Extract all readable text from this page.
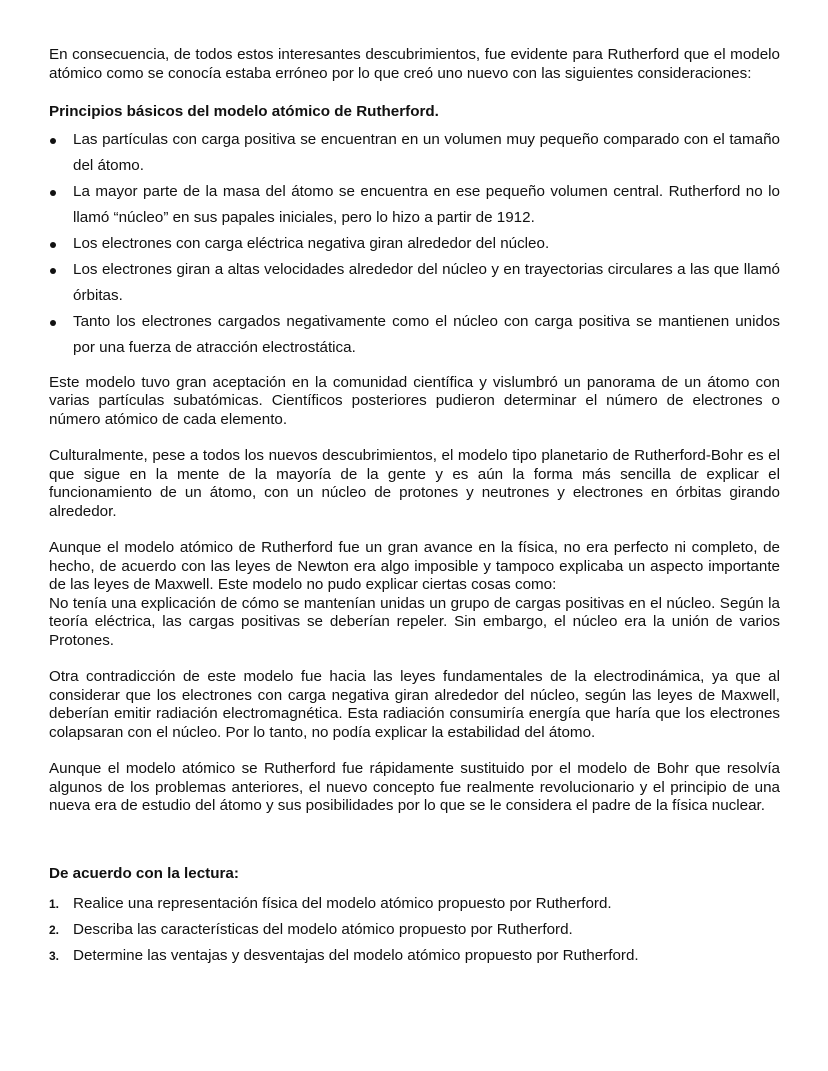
En consecuencia, de todos estos interesantes descubrimientos, fue evidente para Rutherford que el modelo atómico como se conocía estaba erróneo por lo que creó uno nuevo con las siguientes consideraciones:

Principios básicos del modelo atómico de Rutherford.

Las partículas con carga positiva se encuentran en un volumen muy pequeño comparado con el tamaño del átomo.
La mayor parte de la masa del átomo se encuentra en ese pequeño volumen central. Rutherford no lo llamó “núcleo” en sus papales iniciales, pero lo hizo a partir de 1912.
Los electrones con carga eléctrica negativa giran alrededor del núcleo.
Los electrones giran a altas velocidades alrededor del núcleo y en trayectorias circulares a las que llamó órbitas.
Tanto los electrones cargados negativamente como el núcleo con carga positiva se mantienen unidos por una fuerza de atracción electrostática.

Este modelo tuvo gran aceptación en la comunidad científica y vislumbró un panorama de un átomo con varias partículas subatómicas. Científicos posteriores pudieron determinar el número de electrones o número atómico de cada elemento.

Culturalmente, pese a todos los nuevos descubrimientos, el modelo tipo planetario de Rutherford-Bohr es el que sigue en la mente de la mayoría de la gente y es aún la forma más sencilla de explicar el funcionamiento de un átomo, con un núcleo de protones y neutrones y electrones en órbitas girando alrededor.

Aunque el modelo atómico de Rutherford fue un gran avance en la física, no era perfecto ni completo, de hecho, de acuerdo con las leyes de Newton era algo imposible y tampoco explicaba un aspecto importante de las leyes de Maxwell. Este modelo no pudo explicar ciertas cosas como:

No tenía una explicación de cómo se mantenían unidas un grupo de cargas positivas en el núcleo. Según la teoría eléctrica, las cargas positivas se deberían repeler. Sin embargo, el núcleo era la unión de varios Protones.

Otra contradicción de este modelo fue hacia las leyes fundamentales de la electrodinámica, ya que al considerar que los electrones con carga negativa giran alrededor del núcleo, según las leyes de Maxwell, deberían emitir radiación electromagnética. Esta radiación consumiría energía que haría que los electrones colapsaran con el núcleo. Por lo tanto, no podía explicar la estabilidad del átomo.

Aunque el modelo atómico se Rutherford fue rápidamente sustituido por el modelo de Bohr que resolvía algunos de los problemas anteriores, el nuevo concepto fue realmente revolucionario y el principio de una nueva era de estudio del átomo y sus posibilidades por lo que se le considera el padre de la física nuclear.

De acuerdo con la lectura:

1. Realice una representación física del modelo atómico propuesto por Rutherford.
2. Describa las características del modelo atómico propuesto por Rutherford.
3. Determine las ventajas y desventajas del modelo atómico propuesto por Rutherford.
